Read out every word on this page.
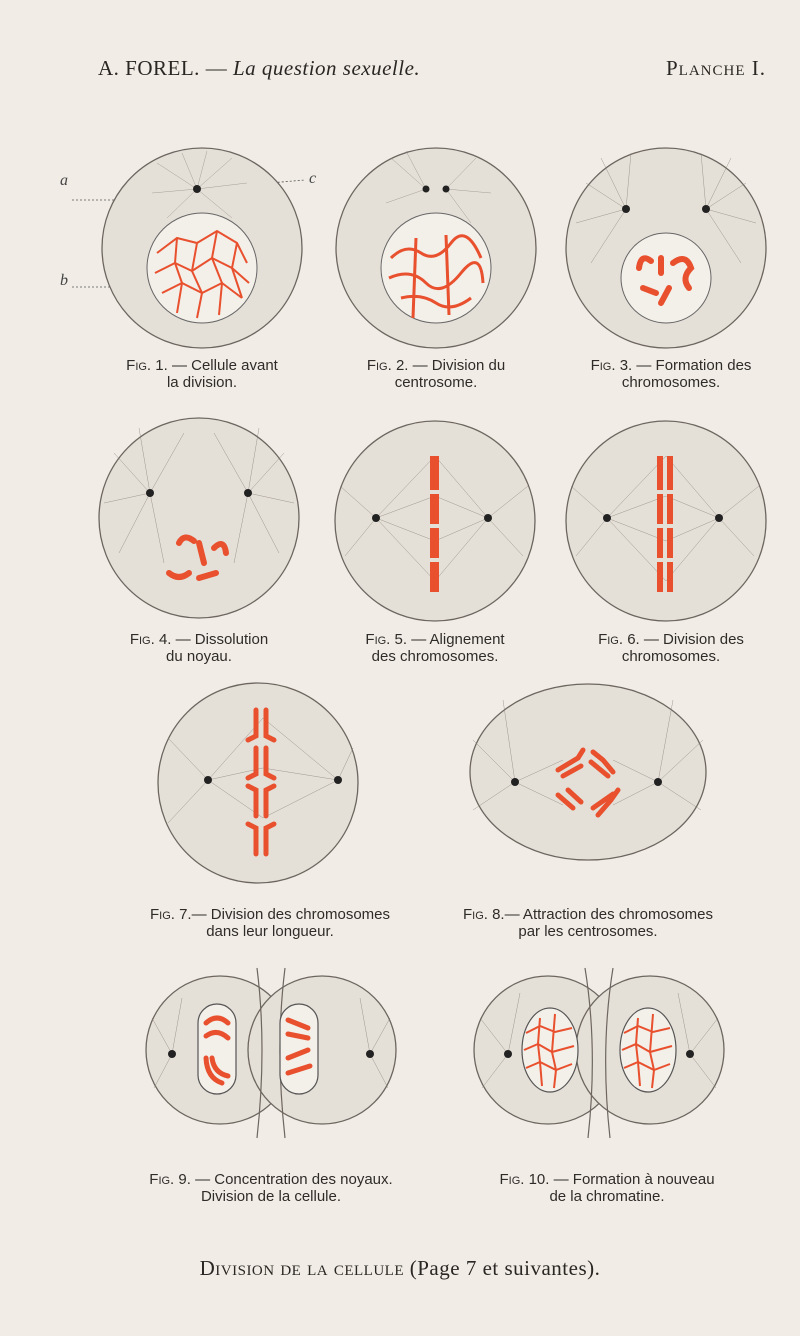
A. FOREL. — La question sexuelle.	Planche I.
a
b
c
Fig. 1. — Cellule avant
la division.
Fig. 2. — Division du
centrosome.
Fig. 3. — Formation des
chromosomes.
Fig. 4. — Dissolution
du noyau.
Fig. 5. — Alignement
des chromosomes.
Fig. 6. — Division des
chromosomes.
Fig. 7.— Division des chromosomes
dans leur longueur.
Fig. 8.— Attraction des chromosomes
par les centrosomes.
Fig. 9. — Concentration des noyaux.
Division de la cellule.
Fig. 10. — Formation à nouveau
de la chromatine.
Division de la cellule (Page 7 et suivantes).
